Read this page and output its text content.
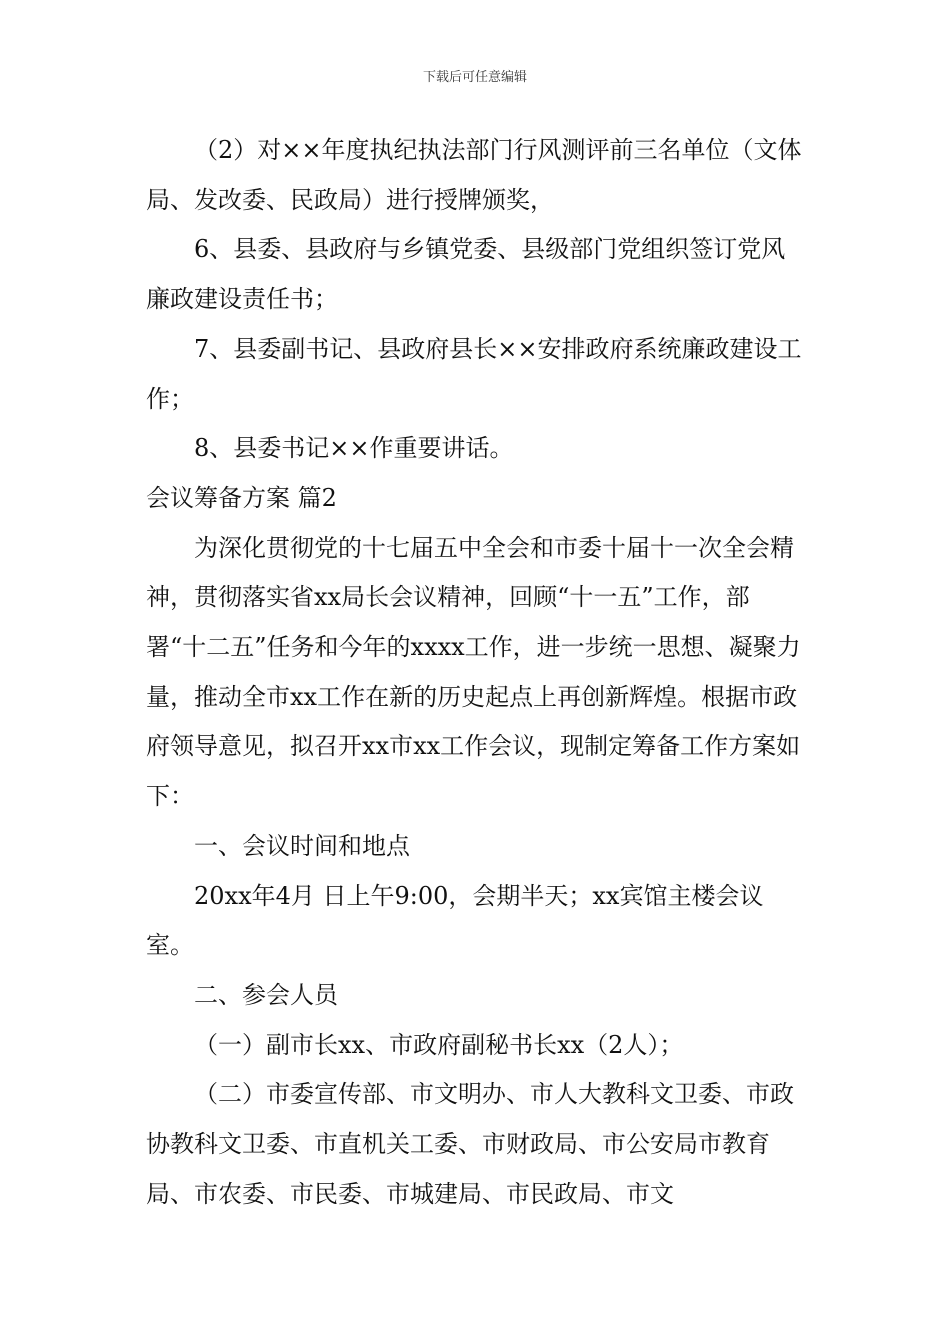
下载后可任意编辑

（2）对××年度执纪执法部门行风测评前三名单位（文体局、发改委、民政局）进行授牌颁奖，

6、县委、县政府与乡镇党委、县级部门党组织签订党风廉政建设责任书；

7、县委副书记、县政府县长××安排政府系统廉政建设工作；

8、县委书记××作重要讲话。

会议筹备方案 篇2

为深化贯彻党的十七届五中全会和市委十届十一次全会精神，贯彻落实省xx局长会议精神，回顾“十一五”工作，部署“十二五”任务和今年的xxxx工作，进一步统一思想、凝聚力量，推动全市xx工作在新的历史起点上再创新辉煌。根据市政府领导意见，拟召开xx市xx工作会议，现制定筹备工作方案如下：

一、会议时间和地点

20xx年4月 日上午9:00，会期半天；xx宾馆主楼会议室。

二、参会人员

（一）副市长xx、市政府副秘书长xx（2人）；

（二）市委宣传部、市文明办、市人大教科文卫委、市政协教科文卫委、市直机关工委、市财政局、市公安局市教育局、市农委、市民委、市城建局、市民政局、市文
